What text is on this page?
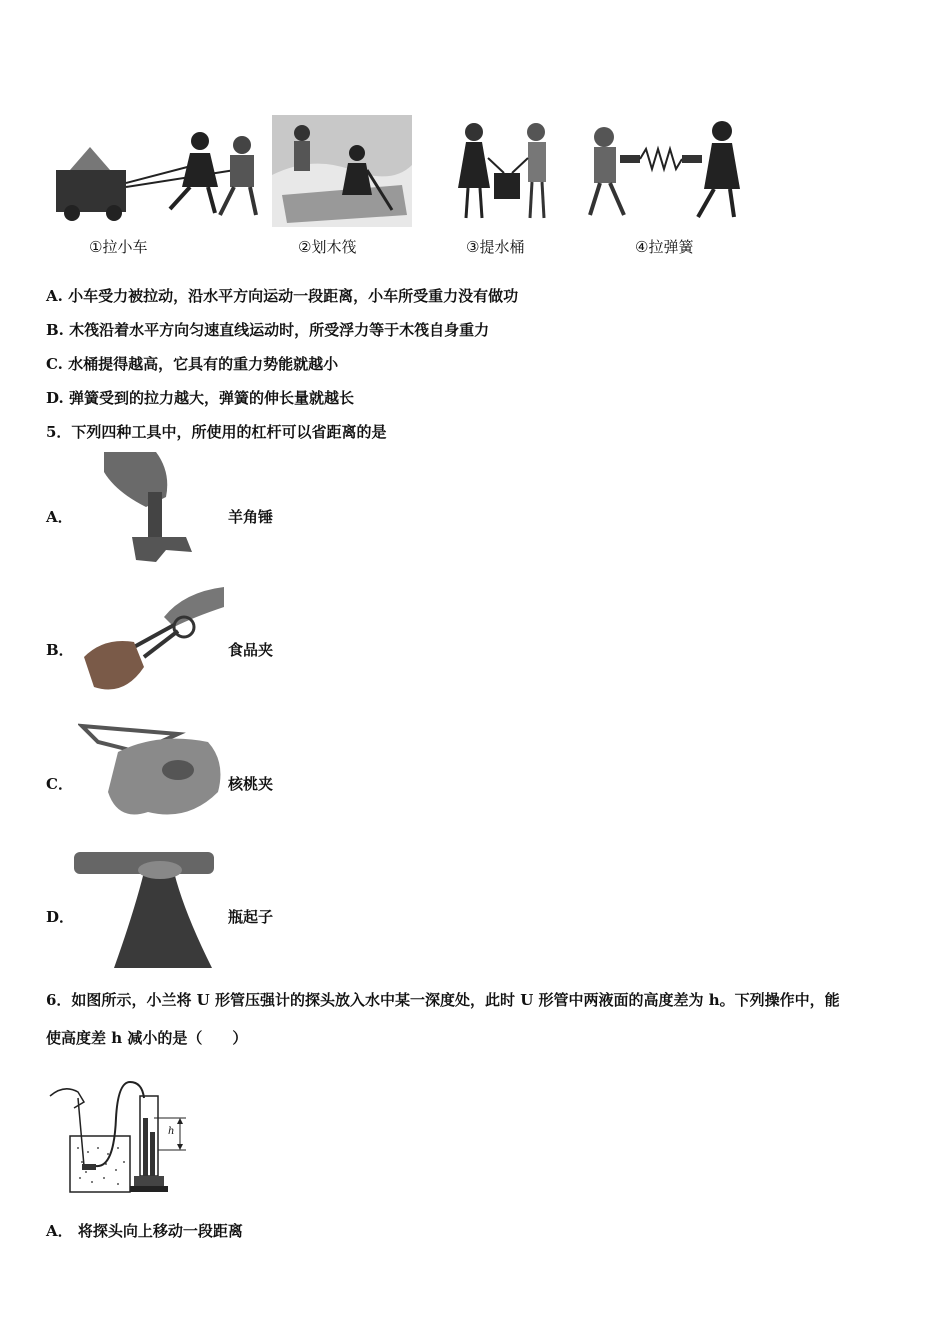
①拉小车	②划木筏	③提水桶	④拉弹簧
A. 小车受力被拉动，沿水平方向运动一段距离，小车所受重力没有做功
B. 木筏沿着水平方向匀速直线运动时，所受浮力等于木筏自身重力
C. 水桶提得越高，它具有的重力势能就越小
D. 弹簧受到的拉力越大，弹簧的伸长量就越长
5．下列四种工具中，所使用的杠杆可以省距离的是
A．	羊角锤
B．	食品夹
C．	核桃夹
D．	瓶起子
6．如图所示，小兰将 U 形管压强计的探头放入水中某一深度处，此时 U 形管中两液面的高度差为 h。下列操作中，能
使高度差 h 减小的是（　　）
h
A． 将探头向上移动一段距离
